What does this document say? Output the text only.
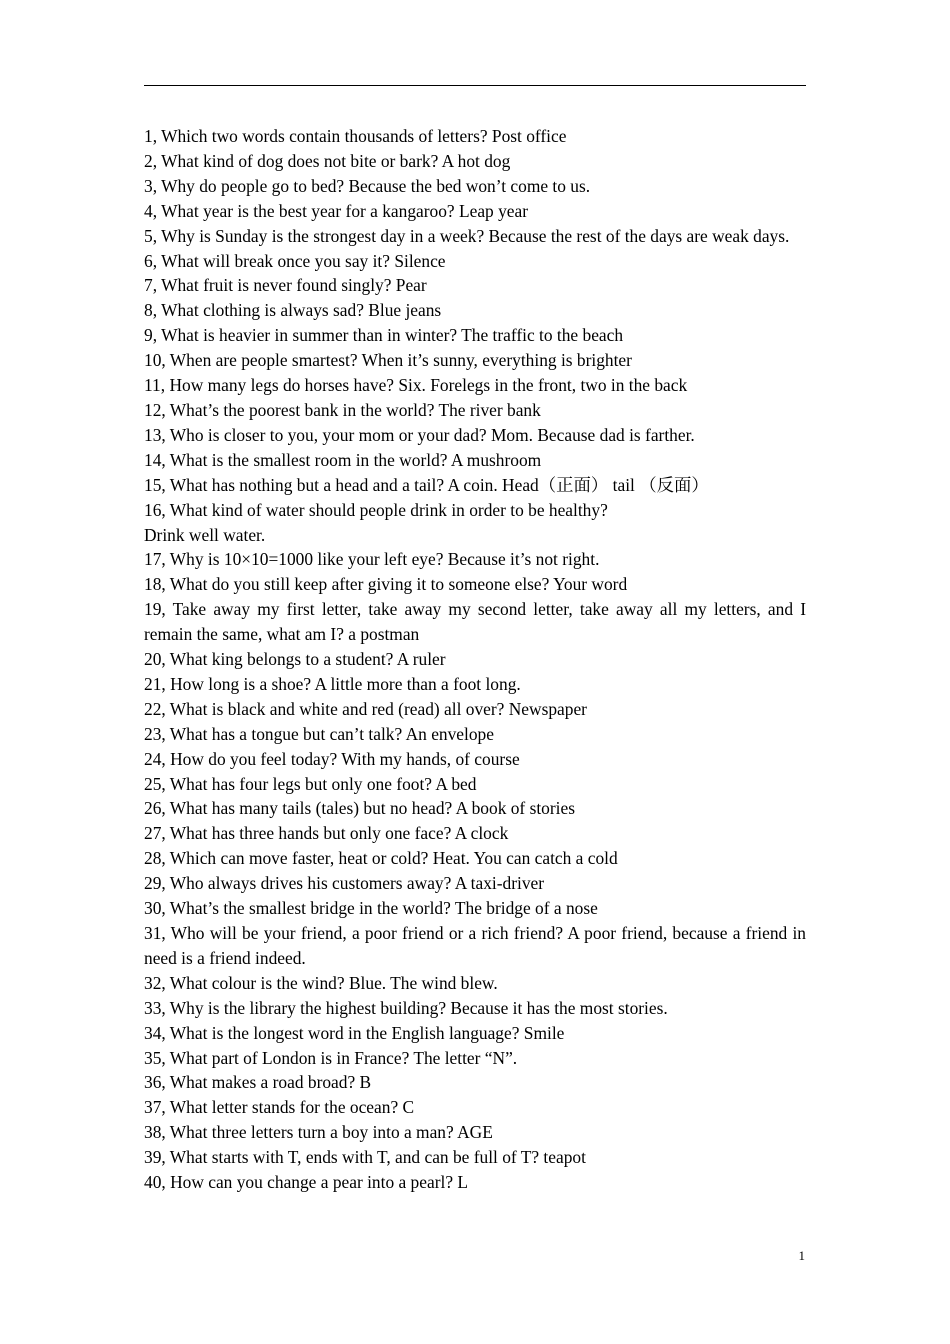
1, Which two words contain thousands of letters? Post office

2, What kind of dog does not bite or bark? A hot dog

3, Why do people go to bed? Because the bed won’t come to us.

4, What year is the best year for a kangaroo? Leap year

5, Why is Sunday is the strongest day in a week? Because the rest of the days are weak days.

6, What will break once you say it? Silence

7, What fruit is never found singly? Pear

8, What clothing is always sad? Blue jeans

9, What is heavier in summer than in winter? The traffic to the beach

10, When are people smartest? When it’s sunny, everything is brighter

11, How many legs do horses have? Six. Forelegs in the front, two in the back

12, What’s the poorest bank in the world? The river bank

13, Who is closer to you, your mom or your dad? Mom. Because dad is farther.

14, What is the smallest room in the world? A mushroom

15, What has nothing but a head and a tail? A coin. Head（正面） tail （反面）

16, What kind of water should people drink in order to be healthy?

Drink well water.

17, Why is 10×10=1000 like your left eye? Because it’s not right.

18, What do you still keep after giving it to someone else? Your word

19, Take away my first letter, take away my second letter, take away all my letters, and I remain the same, what am I? a postman

20, What king belongs to a student? A ruler

21, How long is a shoe? A little more than a foot long.

22, What is black and white and red (read) all over? Newspaper

23, What has a tongue but can’t talk? An envelope

24, How do you feel today? With my hands, of course

25, What has four legs but only one foot? A bed

26, What has many tails (tales) but no head? A book of stories

27, What has three hands but only one face? A clock

28, Which can move faster, heat or cold? Heat. You can catch a cold

29, Who always drives his customers away? A taxi-driver

30, What’s the smallest bridge in the world? The bridge of a nose

31, Who will be your friend, a poor friend or a rich friend? A poor friend, because a friend in need is a friend indeed.

32, What colour is the wind? Blue. The wind blew.

33, Why is the library the highest building? Because it has the most stories.

34, What is the longest word in the English language? Smile

35, What part of London is in France? The letter “N”.

36, What makes a road broad? B

37, What letter stands for the ocean? C

38, What three letters turn a boy into a man? AGE

39, What starts with T, ends with T, and can be full of T? teapot

40, How can you change a pear into a pearl? L

1
